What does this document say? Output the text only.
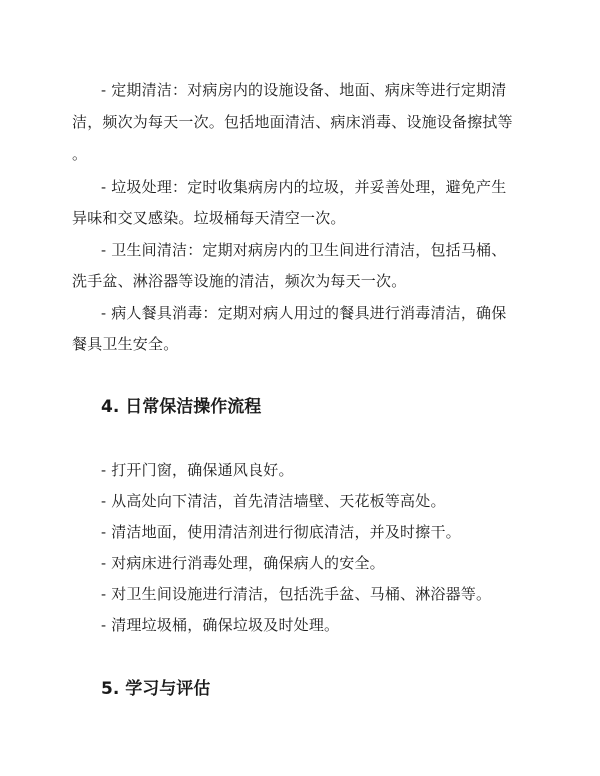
- 定期清洁：对病房内的设施设备、地面、病床等进行定期清

洁，频次为每天一次。包括地面清洁、病床消毒、设施设备擦拭等

。

- 垃圾处理：定时收集病房内的垃圾，并妥善处理，避免产生

异味和交叉感染。垃圾桶每天清空一次。

- 卫生间清洁：定期对病房内的卫生间进行清洁，包括马桶、

洗手盆、淋浴器等设施的清洁，频次为每天一次。

- 病人餐具消毒：定期对病人用过的餐具进行消毒清洁，确保

餐具卫生安全。

4. 日常保洁操作流程

- 打开门窗，确保通风良好。

- 从高处向下清洁，首先清洁墙壁、天花板等高处。

- 清洁地面，使用清洁剂进行彻底清洁，并及时擦干。

- 对病床进行消毒处理，确保病人的安全。

- 对卫生间设施进行清洁，包括洗手盆、马桶、淋浴器等。

- 清理垃圾桶，确保垃圾及时处理。

5. 学习与评估
